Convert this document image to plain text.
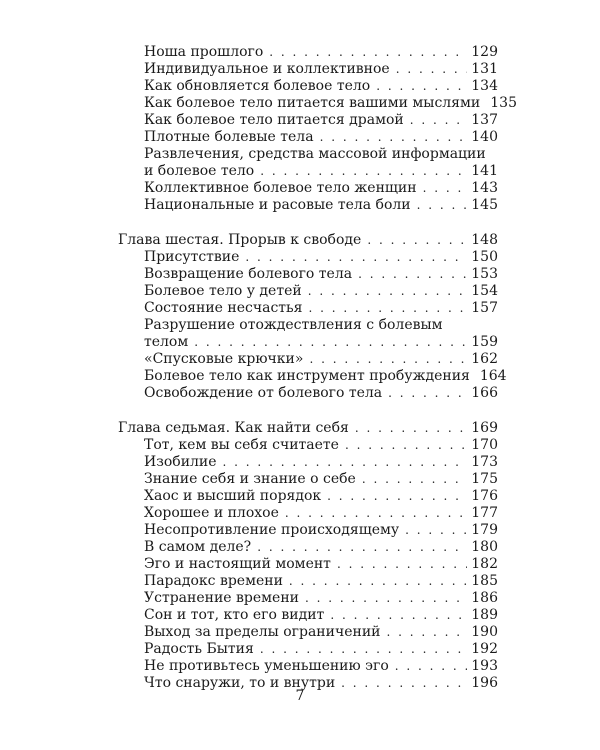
Ноша прошлого . . .	129
Индивидуальное и коллективное . . .	131
Как обновляется болевое тело . . .	134
Как болевое тело питается вашими мыслями 135
Как болевое тело питается драмой . . .	137
Плотные болевые тела . . .	140
Развлечения, средства массовой информации
и болевое тело . . .	141
Коллективное болевое тело женщин . . .	143
Национальные и расовые тела боли . . .	145
Глава шестая. Прорыв к свободе . . .	148
Присутствие . . .	150
Возвращение болевого тела . . .	153
Болевое тело у детей . . .	154
Состояние несчастья . . .	157
Разрушение отождествления с болевым
телом . . .	159
«Спусковые крючки» . . .	162
Болевое тело как инструмент пробуждения 164
Освобождение от болевого тела . . .	166
Глава седьмая. Как найти себя . . .	169
Тот, кем вы себя считаете . . .	170
Изобилие . . .	173
Знание себя и знание о себе . . .	175
Хаос и высший порядок . . .	176
Хорошее и плохое . . .	177
Несопротивление происходящему . . .	179
В самом деле? . . .	180
Эго и настоящий момент . . .	182
Парадокс времени . . .	185
Устранение времени . . .	186
Сон и тот, кто его видит . . .	189
Выход за пределы ограничений . . .	190
Радость Бытия . . .	192
Не противьтесь уменьшению эго . . .	193
Что снаружи, то и внутри . . .	196
7
